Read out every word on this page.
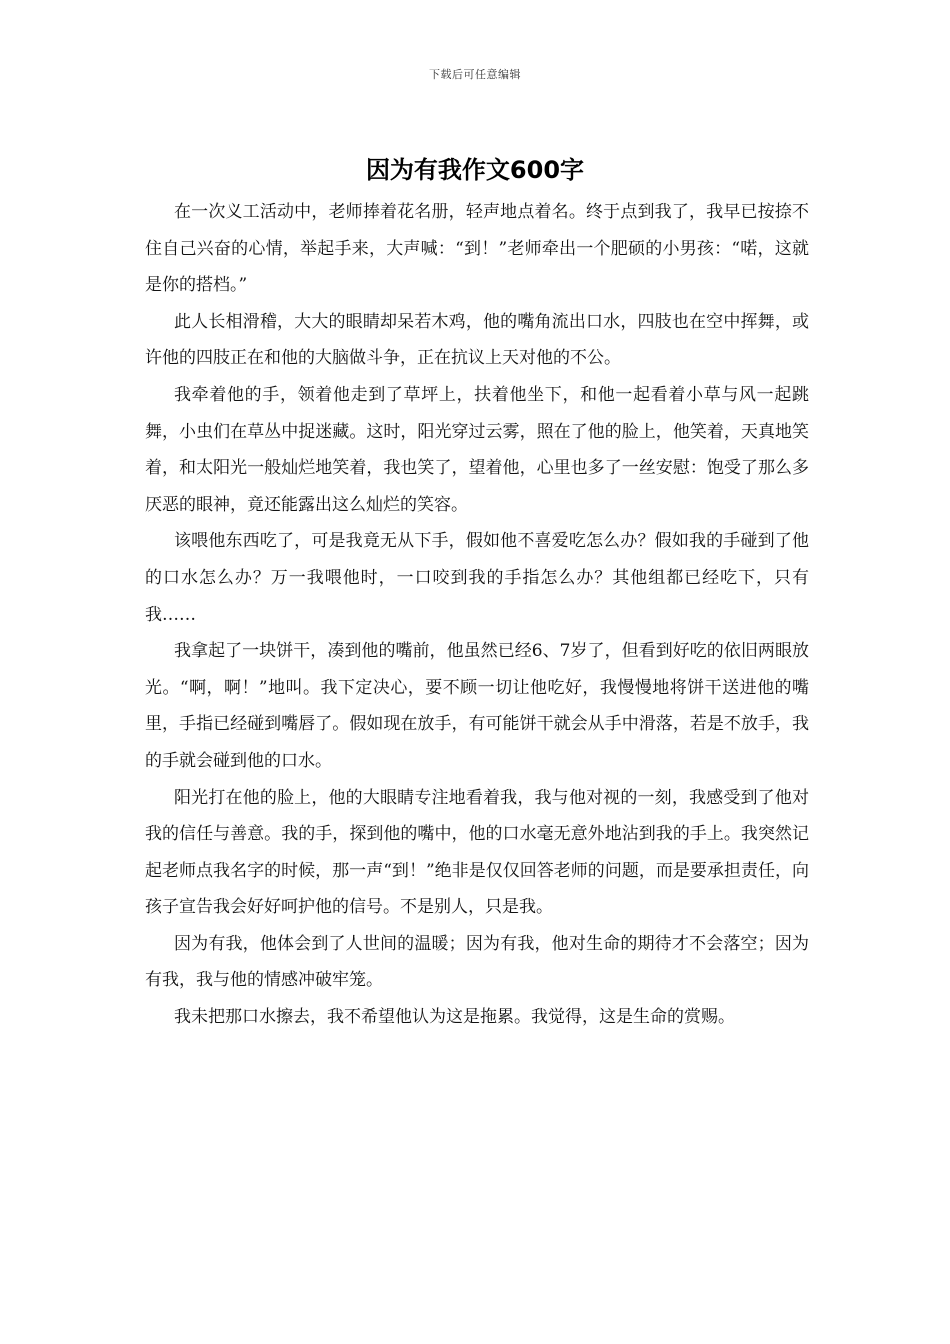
下载后可任意编辑
因为有我作文600字

在一次义工活动中，老师捧着花名册，轻声地点着名。终于点到我了，我早已按捺不住自己兴奋的心情，举起手来，大声喊：“到！”老师牵出一个肥硕的小男孩：“喏，这就是你的搭档。”

此人长相滑稽，大大的眼睛却呆若木鸡，他的嘴角流出口水，四肢也在空中挥舞，或许他的四肢正在和他的大脑做斗争，正在抗议上天对他的不公。

我牵着他的手，领着他走到了草坪上，扶着他坐下，和他一起看着小草与风一起跳舞，小虫们在草丛中捉迷藏。这时，阳光穿过云雾，照在了他的脸上，他笑着，天真地笑着，和太阳光一般灿烂地笑着，我也笑了，望着他，心里也多了一丝安慰：饱受了那么多厌恶的眼神，竟还能露出这么灿烂的笑容。

该喂他东西吃了，可是我竟无从下手，假如他不喜爱吃怎么办？假如我的手碰到了他的口水怎么办？万一我喂他时，一口咬到我的手指怎么办？其他组都已经吃下，只有我……

我拿起了一块饼干，凑到他的嘴前，他虽然已经6、7岁了，但看到好吃的依旧两眼放光。“啊，啊！”地叫。我下定决心，要不顾一切让他吃好，我慢慢地将饼干送进他的嘴里，手指已经碰到嘴唇了。假如现在放手，有可能饼干就会从手中滑落，若是不放手，我的手就会碰到他的口水。

阳光打在他的脸上，他的大眼睛专注地看着我，我与他对视的一刻，我感受到了他对我的信任与善意。我的手，探到他的嘴中，他的口水毫无意外地沾到我的手上。我突然记起老师点我名字的时候，那一声“到！”绝非是仅仅回答老师的问题，而是要承担责任，向孩子宣告我会好好呵护他的信号。不是别人，只是我。

因为有我，他体会到了人世间的温暖；因为有我，他对生命的期待才不会落空；因为有我，我与他的情感冲破牢笼。

我未把那口水擦去，我不希望他认为这是拖累。我觉得，这是生命的赏赐。
